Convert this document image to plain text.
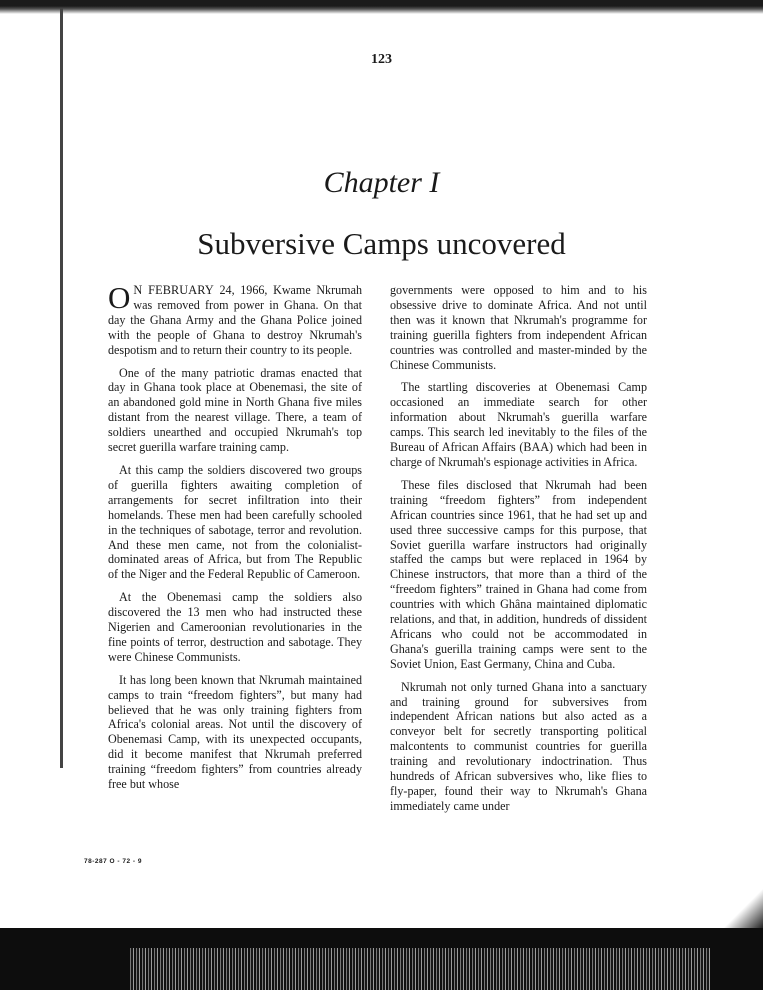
123
Chapter I
Subversive Camps uncovered

ON FEBRUARY 24, 1966, Kwame Nkrumah was removed from power in Ghana. On that day the Ghana Army and the Ghana Police joined with the people of Ghana to destroy Nkrumah's despotism and to return their country to its people.

One of the many patriotic dramas enacted that day in Ghana took place at Obenemasi, the site of an abandoned gold mine in North Ghana five miles distant from the nearest village. There, a team of soldiers unearthed and occupied Nkrumah's top secret guerilla warfare training camp.

At this camp the soldiers discovered two groups of guerilla fighters awaiting completion of arrangements for secret infiltration into their homelands. These men had been carefully schooled in the techniques of sabotage, terror and revolution. And these men came, not from the colonialist-dominated areas of Africa, but from The Republic of the Niger and the Federal Republic of Cameroon.

At the Obenemasi camp the soldiers also discovered the 13 men who had instructed these Nigerien and Cameroonian revolutionaries in the fine points of terror, destruction and sabotage. They were Chinese Communists.

It has long been known that Nkrumah maintained camps to train “freedom fighters”, but many had believed that he was only training fighters from Africa's colonial areas. Not until the discovery of Obenemasi Camp, with its unexpected occupants, did it become manifest that Nkrumah preferred training “freedom fighters” from countries already free but whose

governments were opposed to him and to his obsessive drive to dominate Africa. And not until then was it known that Nkrumah's programme for training guerilla fighters from independent African countries was controlled and master-minded by the Chinese Communists.

The startling discoveries at Obenemasi Camp occasioned an immediate search for other information about Nkrumah's guerilla warfare camps. This search led inevitably to the files of the Bureau of African Affairs (BAA) which had been in charge of Nkrumah's espionage activities in Africa.

These files disclosed that Nkrumah had been training “freedom fighters” from independent African countries since 1961, that he had set up and used three successive camps for this purpose, that Soviet guerilla warfare instructors had originally staffed the camps but were replaced in 1964 by Chinese instructors, that more than a third of the “freedom fighters” trained in Ghana had come from countries with which Ghâna maintained diplomatic relations, and that, in addition, hundreds of dissident Africans who could not be accommodated in Ghana's guerilla training camps were sent to the Soviet Union, East Germany, China and Cuba.

Nkrumah not only turned Ghana into a sanctuary and training ground for subversives from independent African nations but also acted as a conveyor belt for secretly transporting political malcontents to communist countries for guerilla training and revolutionary indoctrination. Thus hundreds of African subversives who, like flies to fly-paper, found their way to Nkrumah's Ghana immediately came under

78-287 O - 72 - 9
